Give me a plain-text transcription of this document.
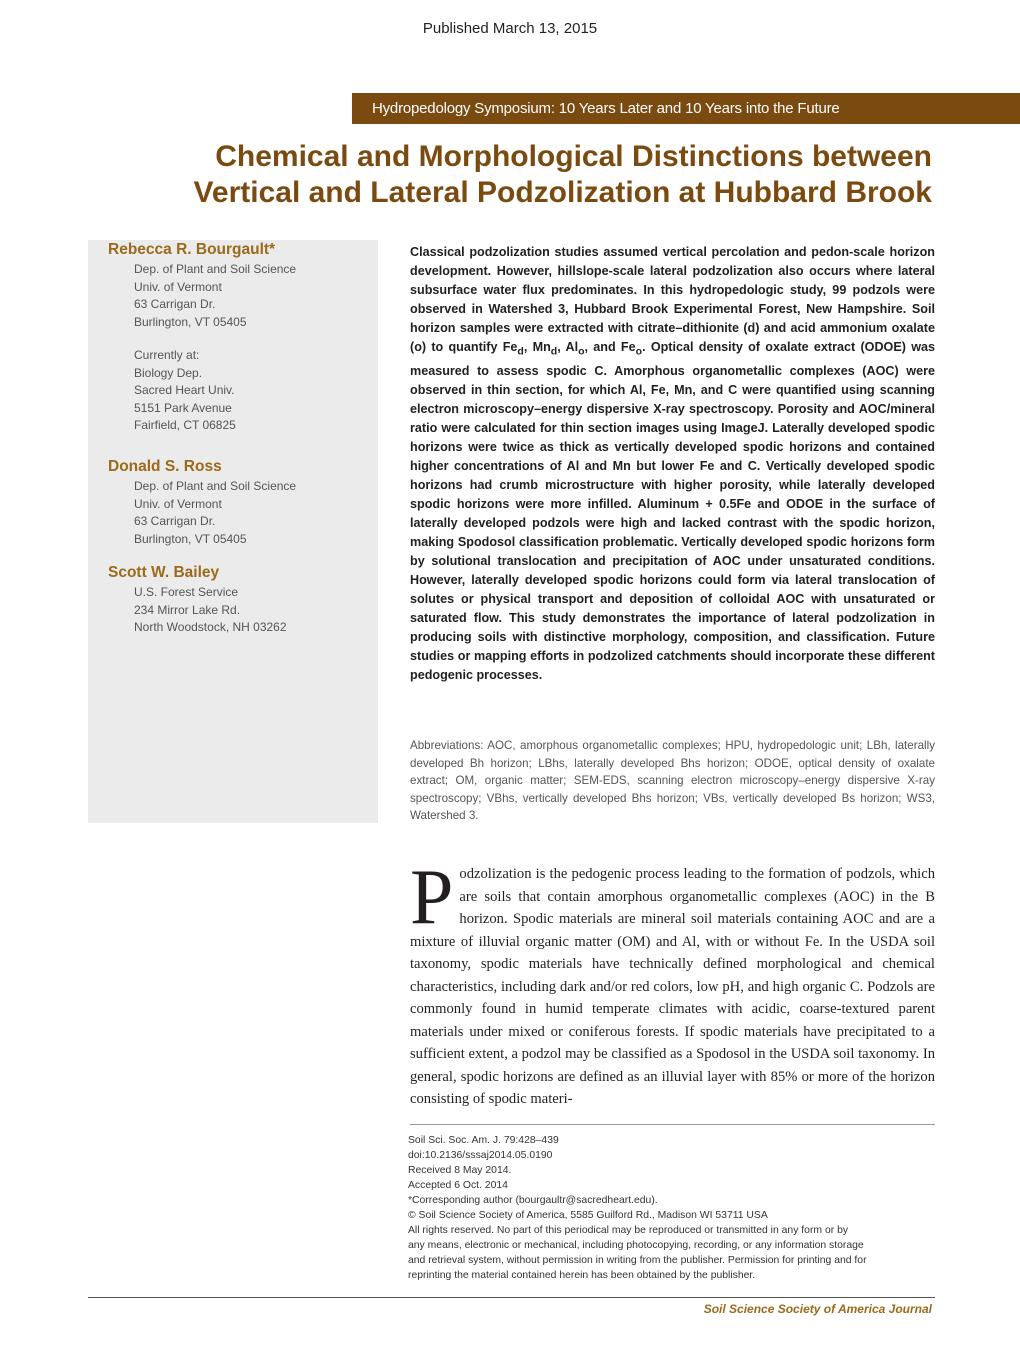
Published March 13, 2015
Hydropedology Symposium: 10 Years Later and 10 Years into the Future
Chemical and Morphological Distinctions between
Vertical and Lateral Podzolization at Hubbard Brook
Rebecca R. Bourgault*
Dep. of Plant and Soil Science
Univ. of Vermont
63 Carrigan Dr.
Burlington, VT 05405
Currently at:
Biology Dep.
Sacred Heart Univ.
5151 Park Avenue
Fairfield, CT 06825
Donald S. Ross
Dep. of Plant and Soil Science
Univ. of Vermont
63 Carrigan Dr.
Burlington, VT 05405
Scott W. Bailey
U.S. Forest Service
234 Mirror Lake Rd.
North Woodstock, NH 03262
Classical podzolization studies assumed vertical percolation and pedon-scale horizon development. However, hillslope-scale lateral podzolization also occurs where lateral subsurface water flux predominates. In this hydropedologic study, 99 podzols were observed in Watershed 3, Hubbard Brook Experimental Forest, New Hampshire. Soil horizon samples were extracted with citrate–dithionite (d) and acid ammonium oxalate (o) to quantify $Fe_d$, $Mn_d$, $Al_o$, and $Fe_o$. Optical density of oxalate extract (ODOE) was measured to assess spodic C. Amorphous organometallic complexes (AOC) were observed in thin section, for which Al, Fe, Mn, and C were quantified using scanning electron microscopy–energy dispersive X-ray spectroscopy. Porosity and AOC/mineral ratio were calculated for thin section images using ImageJ. Laterally developed spodic horizons were twice as thick as vertically developed spodic horizons and contained higher concentrations of Al and Mn but lower Fe and C. Vertically developed spodic horizons had crumb microstructure with higher porosity, while laterally developed spodic horizons were more infilled. Aluminum + 0.5Fe and ODOE in the surface of laterally developed podzols were high and lacked contrast with the spodic horizon, making Spodosol classification problematic. Vertically developed spodic horizons form by solutional translocation and precipitation of AOC under unsaturated conditions. However, laterally developed spodic horizons could form via lateral translocation of solutes or physical transport and deposition of colloidal AOC with unsaturated or saturated flow. This study demonstrates the importance of lateral podzolization in producing soils with distinctive morphology, composition, and classification. Future studies or mapping efforts in podzolized catchments should incorporate these different pedogenic processes.
Abbreviations: AOC, amorphous organometallic complexes; HPU, hydropedologic unit; LBh, laterally developed Bh horizon; LBhs, laterally developed Bhs horizon; ODOE, optical density of oxalate extract; OM, organic matter; SEM-EDS, scanning electron microscopy–energy dispersive X-ray spectroscopy; VBhs, vertically developed Bhs horizon; VBs, vertically developed Bs horizon; WS3, Watershed 3.
Podzolization is the pedogenic process leading to the formation of podzols, which are soils that contain amorphous organometallic complexes (AOC) in the B horizon. Spodic materials are mineral soil materials containing AOC and are a mixture of illuvial organic matter (OM) and Al, with or without Fe. In the USDA soil taxonomy, spodic materials have technically defined morphological and chemical characteristics, including dark and/or red colors, low pH, and high organic C. Podzols are commonly found in humid temperate climates with acidic, coarse-textured parent materials under mixed or coniferous forests. If spodic materials have precipitated to a sufficient extent, a podzol may be classified as a Spodosol in the USDA soil taxonomy. In general, spodic horizons are defined as an illuvial layer with 85% or more of the horizon consisting of spodic materi-
Soil Sci. Soc. Am. J. 79:428–439
doi:10.2136/sssaj2014.05.0190
Received 8 May 2014.
Accepted 6 Oct. 2014
*Corresponding author (bourgaultr@sacredheart.edu).
© Soil Science Society of America, 5585 Guilford Rd., Madison WI 53711 USA
All rights reserved. No part of this periodical may be reproduced or transmitted in any form or by
any means, electronic or mechanical, including photocopying, recording, or any information storage
and retrieval system, without permission in writing from the publisher. Permission for printing and for
reprinting the material contained herein has been obtained by the publisher.
Soil Science Society of America Journal
